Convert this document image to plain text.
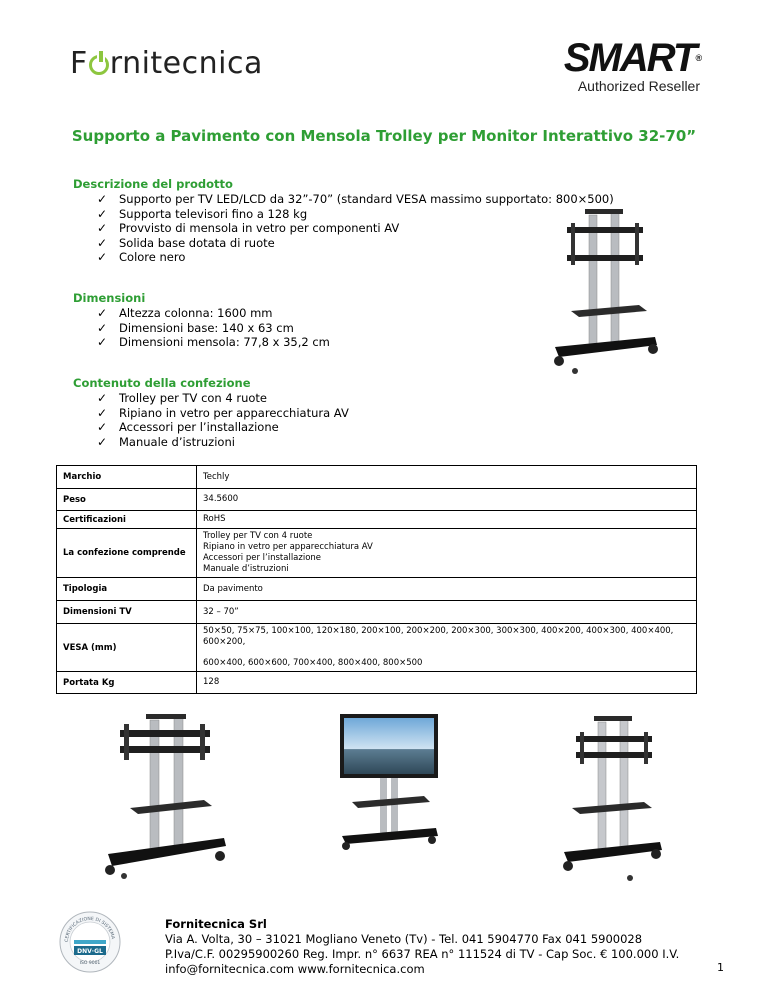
F rnitecnica	SMART®
Authorized Reseller
Supporto a Pavimento con Mensola Trolley per Monitor Interattivo 32-70”
Descrizione del prodotto
✓ Supporto per TV LED/LCD da 32”-70” (standard VESA massimo supportato: 800×500)
✓ Supporta televisori fino a 128 kg
✓ Provvisto di mensola in vetro per componenti AV
✓ Solida base dotata di ruote
✓ Colore nero
Dimensioni
✓ Altezza colonna: 1600 mm
✓ Dimensioni base: 140 x 63 cm
✓ Dimensioni mensola: 77,8 x 35,2 cm
Contenuto della confezione
✓ Trolley per TV con 4 ruote
✓ Ripiano in vetro per apparecchiatura AV
✓ Accessori per l’installazione
✓ Manuale d’istruzioni
Marchio	Techly
Peso	34.5600
Certificazioni	RoHS
La confezione comprende	Trolley per TV con 4 ruote
Ripiano in vetro per apparecchiatura AV
Accessori per l’installazione
Manuale d’istruzioni

Tipologia	Da pavimento
Dimensioni TV	32 – 70”
VESA (mm)	50×50, 75×75, 100×100, 120×180, 200×100, 200×200, 200×300, 300×300, 400×200, 400×300, 400×400, 600×200,
600×400, 600×600, 700×400, 800×400, 800×500

Portata Kg	128
CERTIFICAZIONE DI SISTEMA
DNV·GL
ISO 9001
Fornitecnica Srl
Via A. Volta, 30 – 31021 Mogliano Veneto (Tv) - Tel. 041 5904770 Fax 041 5900028
P.Iva/C.F. 00295900260 Reg. Impr. n° 6637 REA n° 111524 di TV - Cap Soc. € 100.000 I.V.
info@fornitecnica.com www.fornitecnica.com	1
